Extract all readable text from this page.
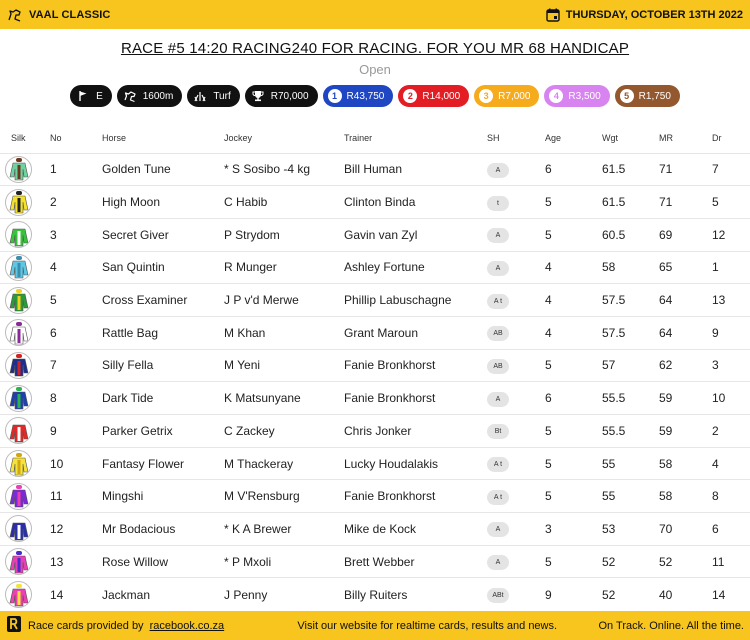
VAAL CLASSIC	THURSDAY, OCTOBER 13TH 2022
RACE #5 14:20 RACING240 FOR RACING. FOR YOU MR 68 HANDICAP
Open
E	1600m	Turf	R70,000	1 R43,750	2 R14,000	3 R7,000	4 R3,500	5 R1,750
Silk	No	Horse	Jockey	Trainer	SH	Age	Wgt	MR	Dr

	1	Golden Tune	* S Sosibo -4 kg	Bill Human	A	6	61.5	71	7

	2	High Moon	C Habib	Clinton Binda	t	5	61.5	71	5

	3	Secret Giver	P Strydom	Gavin van Zyl	A	5	60.5	69	12

	4	San Quintin	R Munger	Ashley Fortune	A	4	58	65	1

	5	Cross Examiner	J P v'd Merwe	Phillip Labuschagne	A t	4	57.5	64	13

	6	Rattle Bag	M Khan	Grant Maroun	AB	4	57.5	64	9

	7	Silly Fella	M Yeni	Fanie Bronkhorst	AB	5	57	62	3

	8	Dark Tide	K Matsunyane	Fanie Bronkhorst	A	6	55.5	59	10

	9	Parker Getrix	C Zackey	Chris Jonker	Bt	5	55.5	59	2

	10	Fantasy Flower	M Thackeray	Lucky Houdalakis	A t	5	55	58	4

	11	Mingshi	M V'Rensburg	Fanie Bronkhorst	A t	5	55	58	8

	12	Mr Bodacious	* K A Brewer	Mike de Kock	A	3	53	70	6

	13	Rose Willow	* P Mxoli	Brett Webber	A	5	52	52	11

	14	Jackman	J Penny	Billy Ruiters	ABt	9	52	40	14
Race cards provided by racebook.co.za	Visit our website for realtime cards, results and news.	On Track. Online. All the time.
